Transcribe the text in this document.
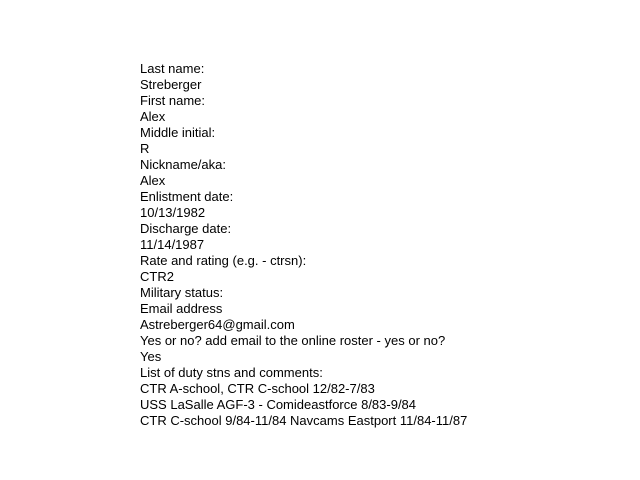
Last name:
Streberger
First name:
Alex
Middle initial:
R
Nickname/aka:
Alex
Enlistment date:
10/13/1982
Discharge date:
11/14/1987
Rate and rating (e.g. - ctrsn):
CTR2
Military status:
Email address
Astreberger64@gmail.com
Yes or no? add email to the online roster - yes or no?
Yes
List of duty stns and comments:
CTR A-school, CTR C-school 12/82-7/83
USS LaSalle AGF-3 - Comideastforce 8/83-9/84
CTR C-school 9/84-11/84 Navcams Eastport 11/84-11/87
